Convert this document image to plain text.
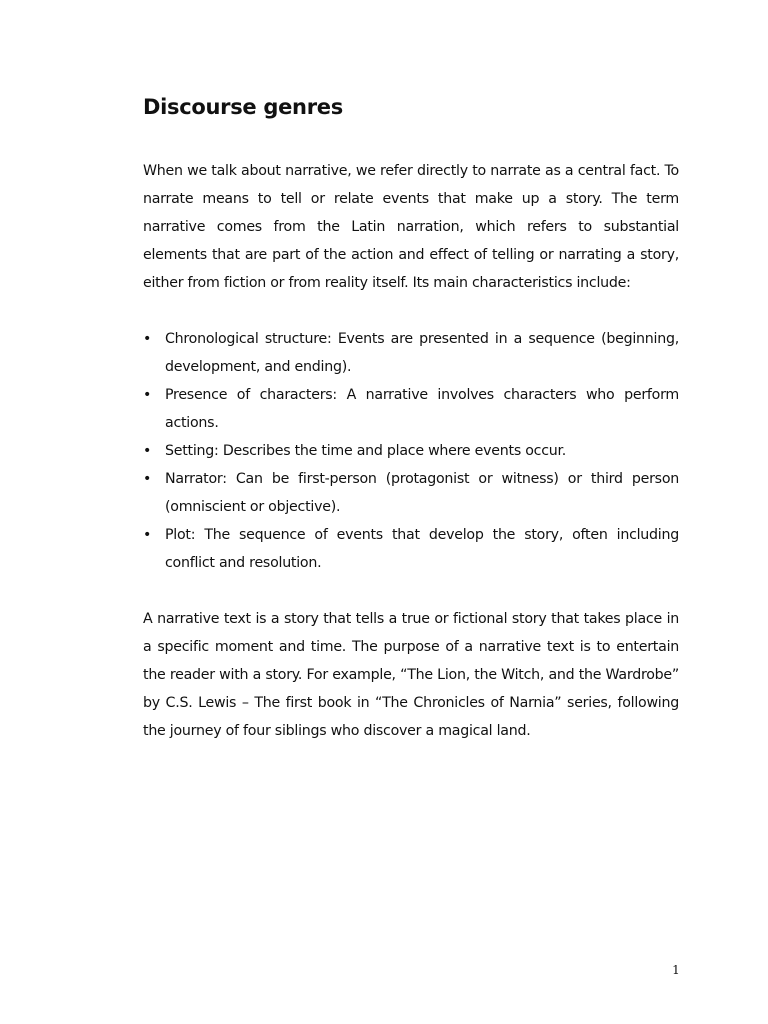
Discourse genres

When we talk about narrative, we refer directly to narrate as a central fact. To narrate means to tell or relate events that make up a story. The term narrative comes from the Latin narration, which refers to substantial elements that are part of the action and effect of telling or narrating a story, either from fiction or from reality itself. Its main characteristics include:

• Chronological structure: Events are presented in a sequence (beginning, development, and ending).
• Presence of characters: A narrative involves characters who perform actions.
• Setting: Describes the time and place where events occur.
• Narrator: Can be first-person (protagonist or witness) or third person (omniscient or objective).
• Plot: The sequence of events that develop the story, often including conflict and resolution.

A narrative text is a story that tells a true or fictional story that takes place in a specific moment and time. The purpose of a narrative text is to entertain the reader with a story. For example, “The Lion, the Witch, and the Wardrobe” by C.S. Lewis – The first book in “The Chronicles of Narnia” series, following the journey of four siblings who discover a magical land.

1
